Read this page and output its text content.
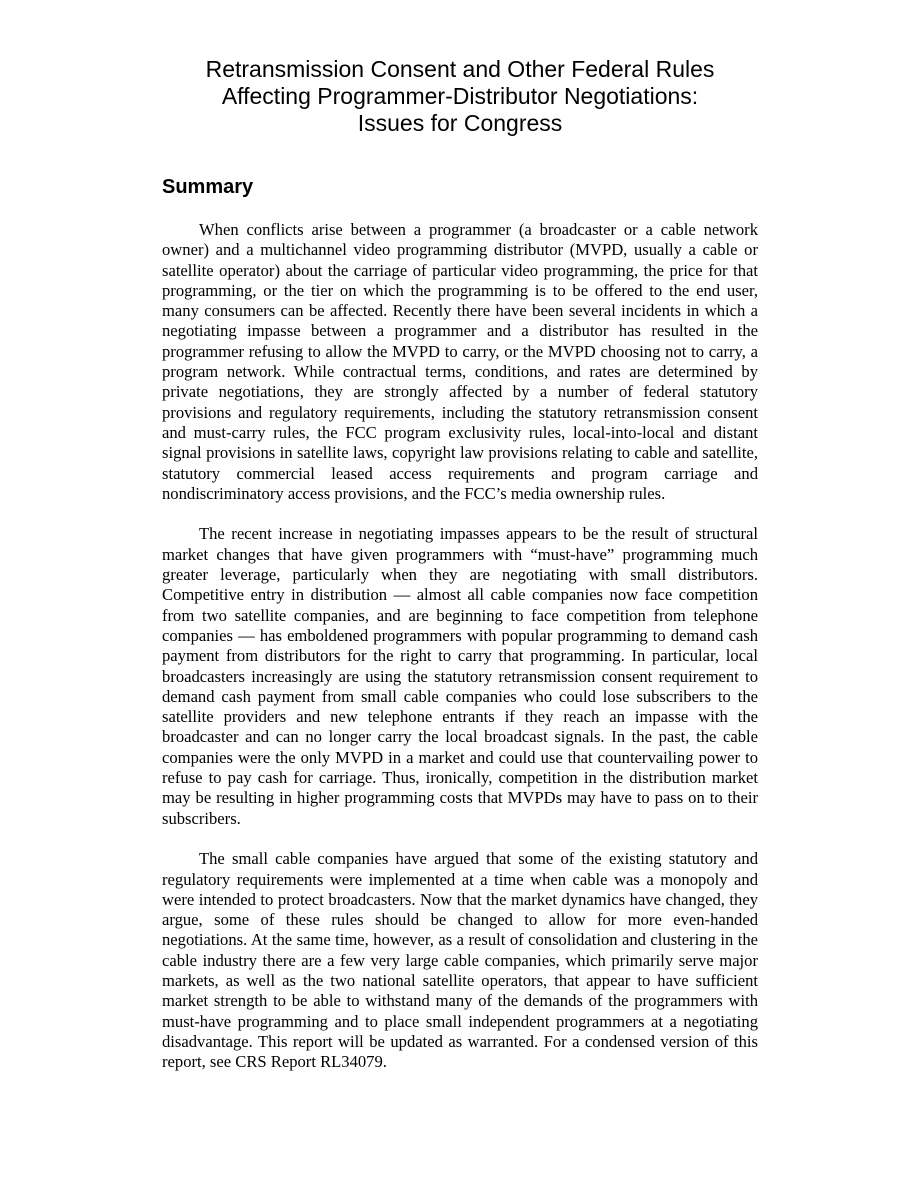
Retransmission Consent and Other Federal Rules
Affecting Programmer-Distributor Negotiations:
Issues for Congress
Summary

When conflicts arise between a programmer (a broadcaster or a cable network owner) and a multichannel video programming distributor (MVPD, usually a cable or satellite operator) about the carriage of particular video programming, the price for that programming, or the tier on which the programming is to be offered to the end user, many consumers can be affected. Recently there have been several incidents in which a negotiating impasse between a programmer and a distributor has resulted in the programmer refusing to allow the MVPD to carry, or the MVPD choosing not to carry, a program network. While contractual terms, conditions, and rates are determined by private negotiations, they are strongly affected by a number of federal statutory provisions and regulatory requirements, including the statutory retransmission consent and must-carry rules, the FCC program exclusivity rules, local-into-local and distant signal provisions in satellite laws, copyright law provisions relating to cable and satellite, statutory commercial leased access requirements and program carriage and nondiscriminatory access provisions, and the FCC’s media ownership rules.

The recent increase in negotiating impasses appears to be the result of structural market changes that have given programmers with “must-have” programming much greater leverage, particularly when they are negotiating with small distributors. Competitive entry in distribution — almost all cable companies now face competition from two satellite companies, and are beginning to face competition from telephone companies — has emboldened programmers with popular programming to demand cash payment from distributors for the right to carry that programming. In particular, local broadcasters increasingly are using the statutory retransmission consent requirement to demand cash payment from small cable companies who could lose subscribers to the satellite providers and new telephone entrants if they reach an impasse with the broadcaster and can no longer carry the local broadcast signals. In the past, the cable companies were the only MVPD in a market and could use that countervailing power to refuse to pay cash for carriage. Thus, ironically, competition in the distribution market may be resulting in higher programming costs that MVPDs may have to pass on to their subscribers.

The small cable companies have argued that some of the existing statutory and regulatory requirements were implemented at a time when cable was a monopoly and were intended to protect broadcasters. Now that the market dynamics have changed, they argue, some of these rules should be changed to allow for more even-handed negotiations. At the same time, however, as a result of consolidation and clustering in the cable industry there are a few very large cable companies, which primarily serve major markets, as well as the two national satellite operators, that appear to have sufficient market strength to be able to withstand many of the demands of the programmers with must-have programming and to place small independent programmers at a negotiating disadvantage. This report will be updated as warranted. For a condensed version of this report, see CRS Report RL34079.
